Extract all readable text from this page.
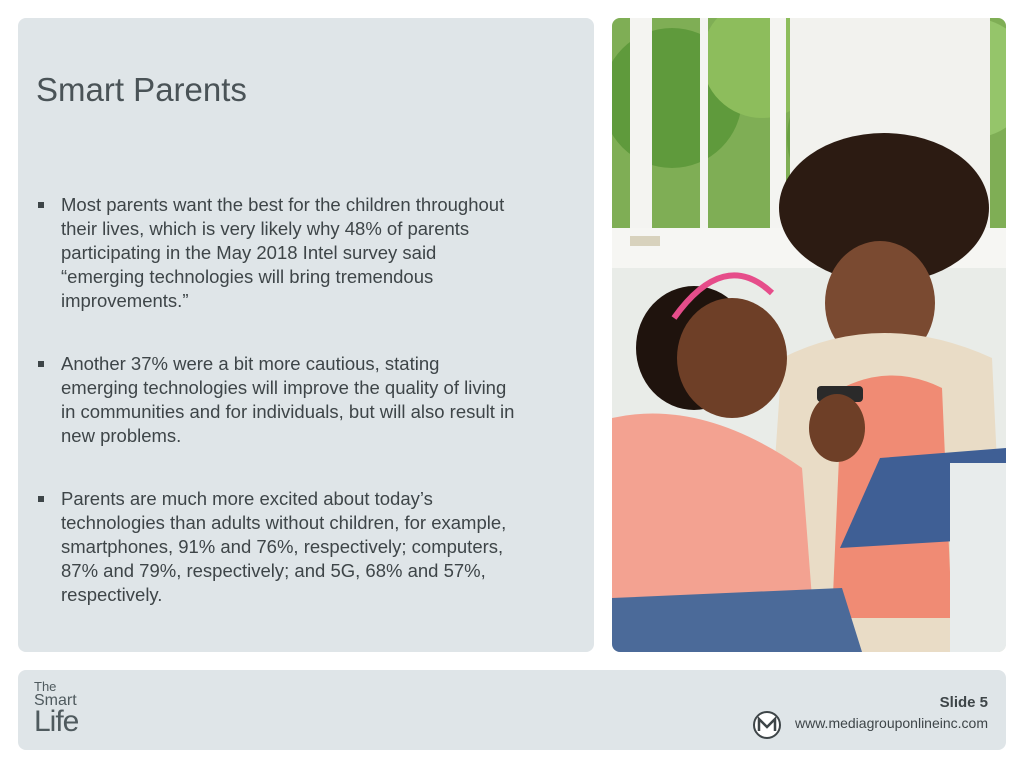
Smart Parents
Most parents want the best for the children throughout their lives, which is very likely why 48% of parents participating in the May 2018 Intel survey said “emerging technologies will bring tremendous improvements.”
Another 37% were a bit more cautious, stating emerging technologies will improve the quality of living in communities and for individuals, but will also result in new problems.
Parents are much more excited about today’s technologies than adults without children, for example, smartphones, 91% and 76%, respectively; computers, 87% and 79%, respectively; and 5G, 68% and 57%, respectively.
The
Smart
Life
Slide 5
www.mediagrouponlineinc.com
